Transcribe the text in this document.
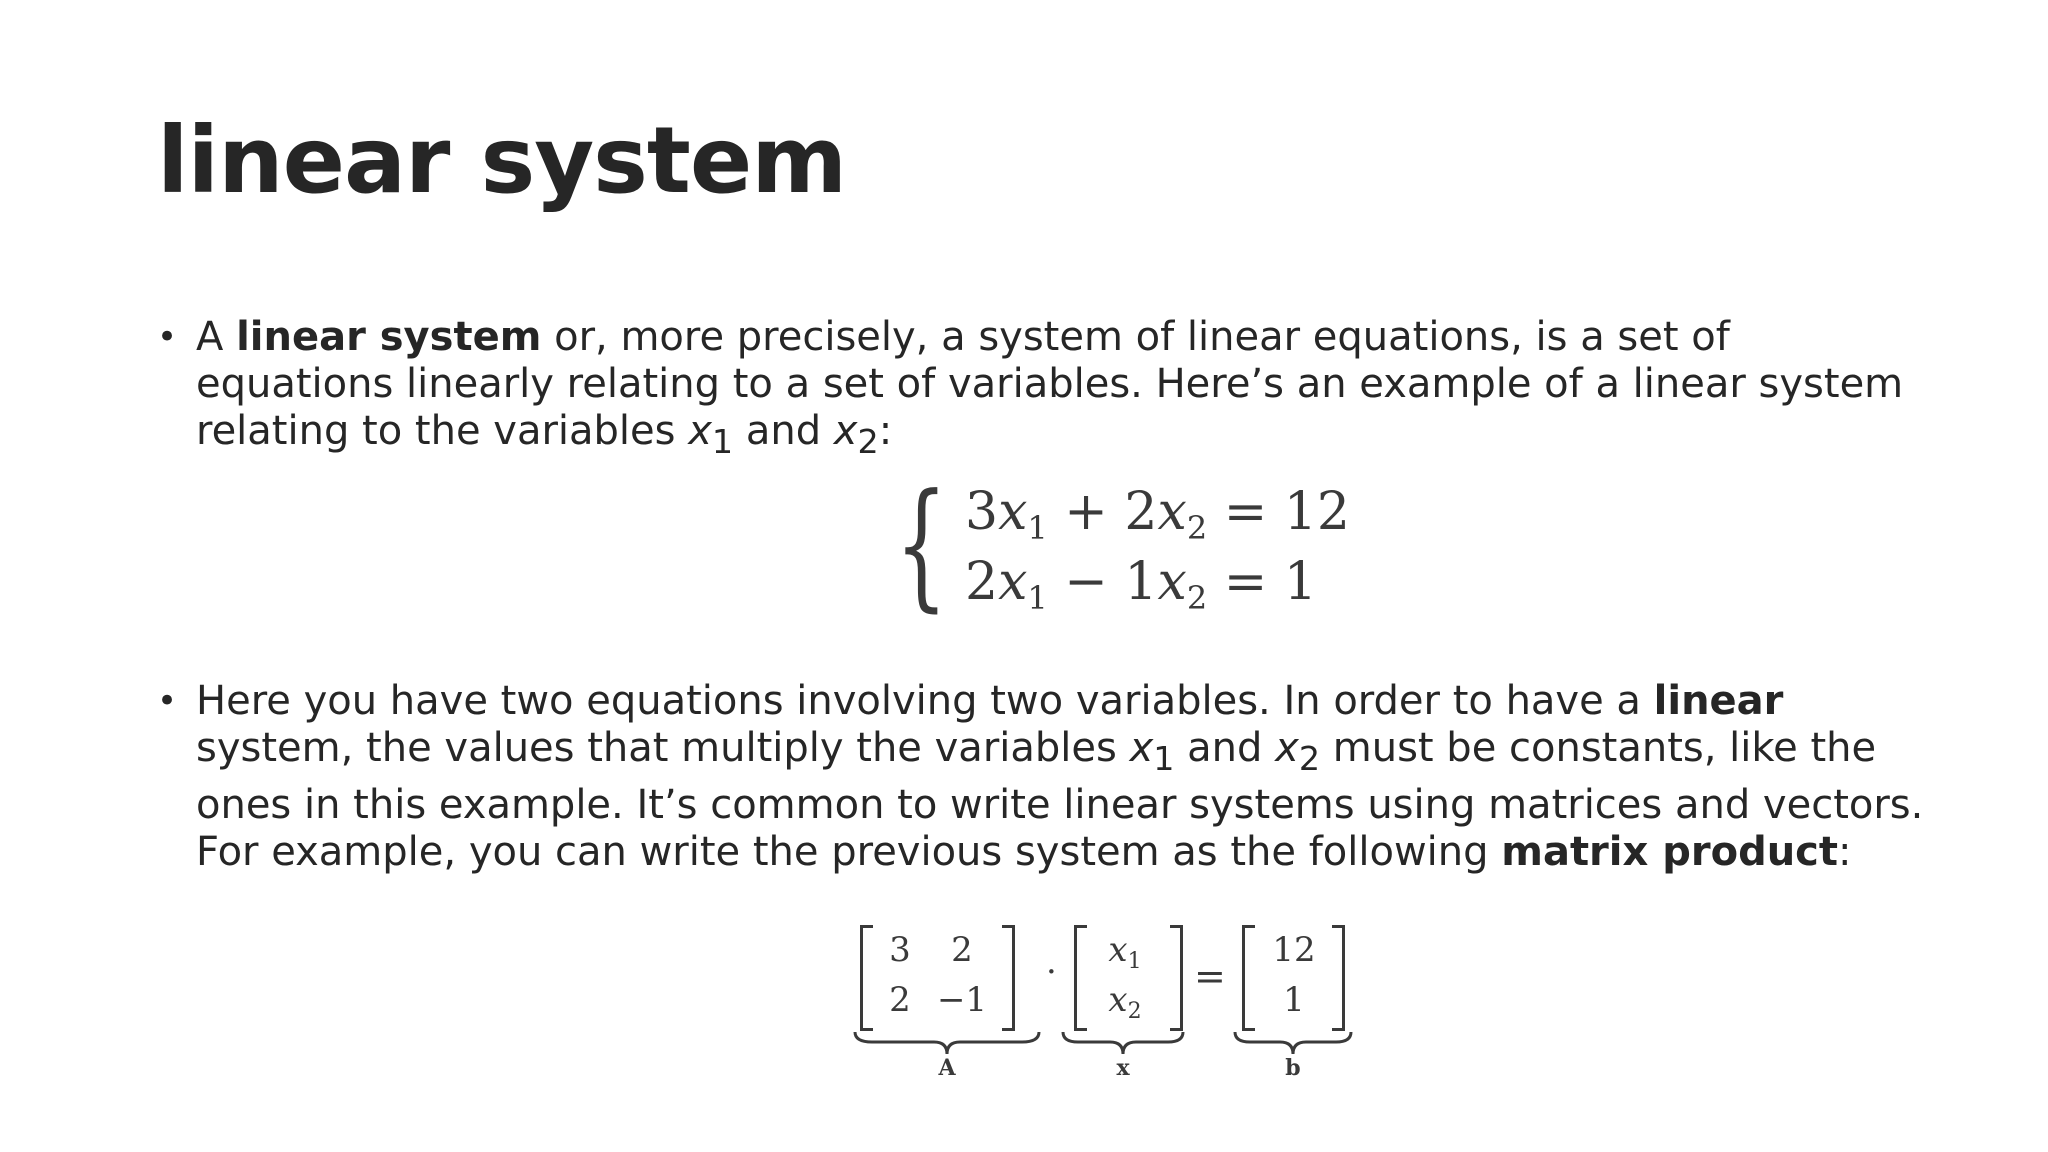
linear system
• A linear system or, more precisely, a system of linear equations, is a set of equations linearly relating to a set of variables. Here’s an example of a linear system relating to the variables $x_1$ and $x_2$:
{ $3x_1 + 2x_2 = 12$
$2x_1 - 1x_2 = 1$
• Here you have two equations involving two variables. In order to have a linear system, the values that multiply the variables $x_1$ and $x_2$ must be constants, like the ones in this example. It’s common to write linear systems using matrices and vectors. For example, you can write the previous system as the following matrix product:
3	2
2 −1
·
$x_1$
$x_2$
=
12
1
A	x	b
